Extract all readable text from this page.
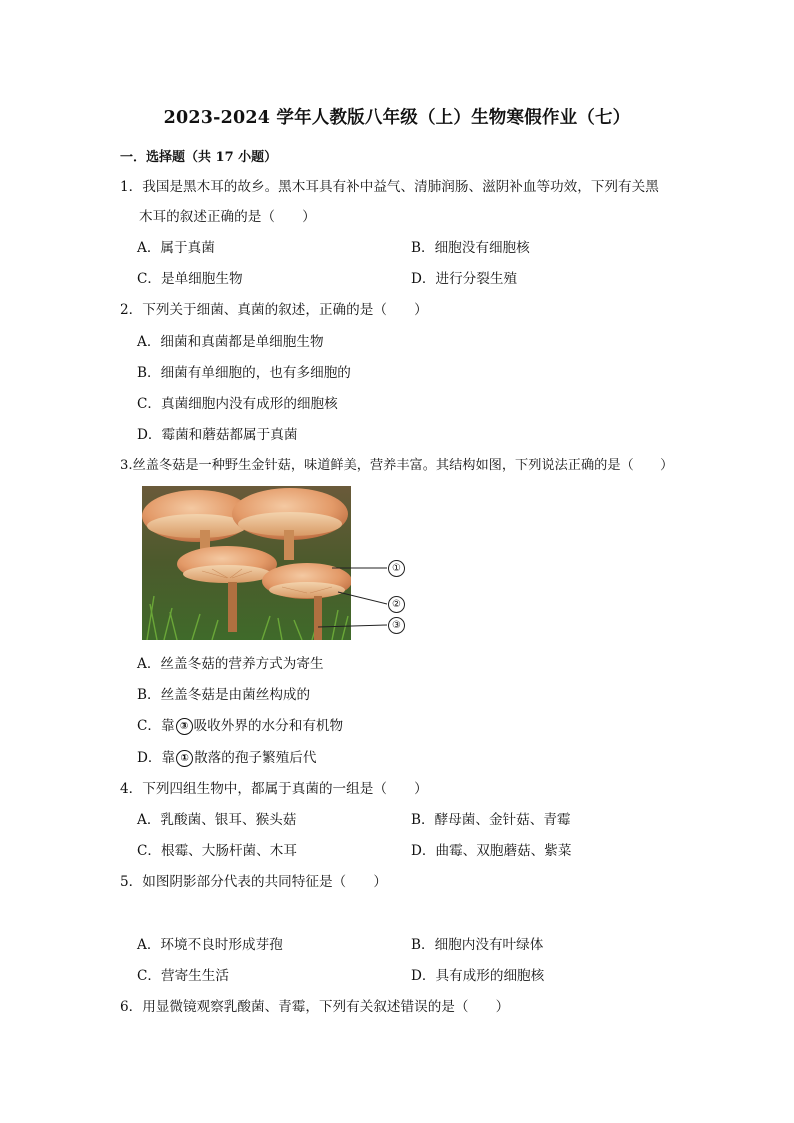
2023-2024 学年人教版八年级（上）生物寒假作业（七）
一．选择题（共 17 小题）
1．我国是黑木耳的故乡。黑木耳具有补中益气、清肺润肠、滋阴补血等功效，下列有关黑
木耳的叙述正确的是（　　）
A．属于真菌	B．细胞没有细胞核
C．是单细胞生物	D．进行分裂生殖
2．下列关于细菌、真菌的叙述，正确的是（　　）
A．细菌和真菌都是单细胞生物
B．细菌有单细胞的，也有多细胞的
C．真菌细胞内没有成形的细胞核
D．霉菌和蘑菇都属于真菌
3.丝盖冬菇是一种野生金针菇，味道鲜美，营养丰富。其结构如图，下列说法正确的是（　　）
①
②
③
A．丝盖冬菇的营养方式为寄生
B．丝盖冬菇是由菌丝构成的
C．靠 ③ 吸收外界的水分和有机物
D．靠 ① 散落的孢子繁殖后代
4．下列四组生物中，都属于真菌的一组是（　　）
A．乳酸菌、银耳、猴头菇	B．酵母菌、金针菇、青霉
C．根霉、大肠杆菌、木耳	D．曲霉、双胞蘑菇、紫菜
5．如图阴影部分代表的共同特征是（　　）
A．环境不良时形成芽孢	B．细胞内没有叶绿体
C．营寄生生活	D．具有成形的细胞核
6．用显微镜观察乳酸菌、青霉，下列有关叙述错误的是（　　）
